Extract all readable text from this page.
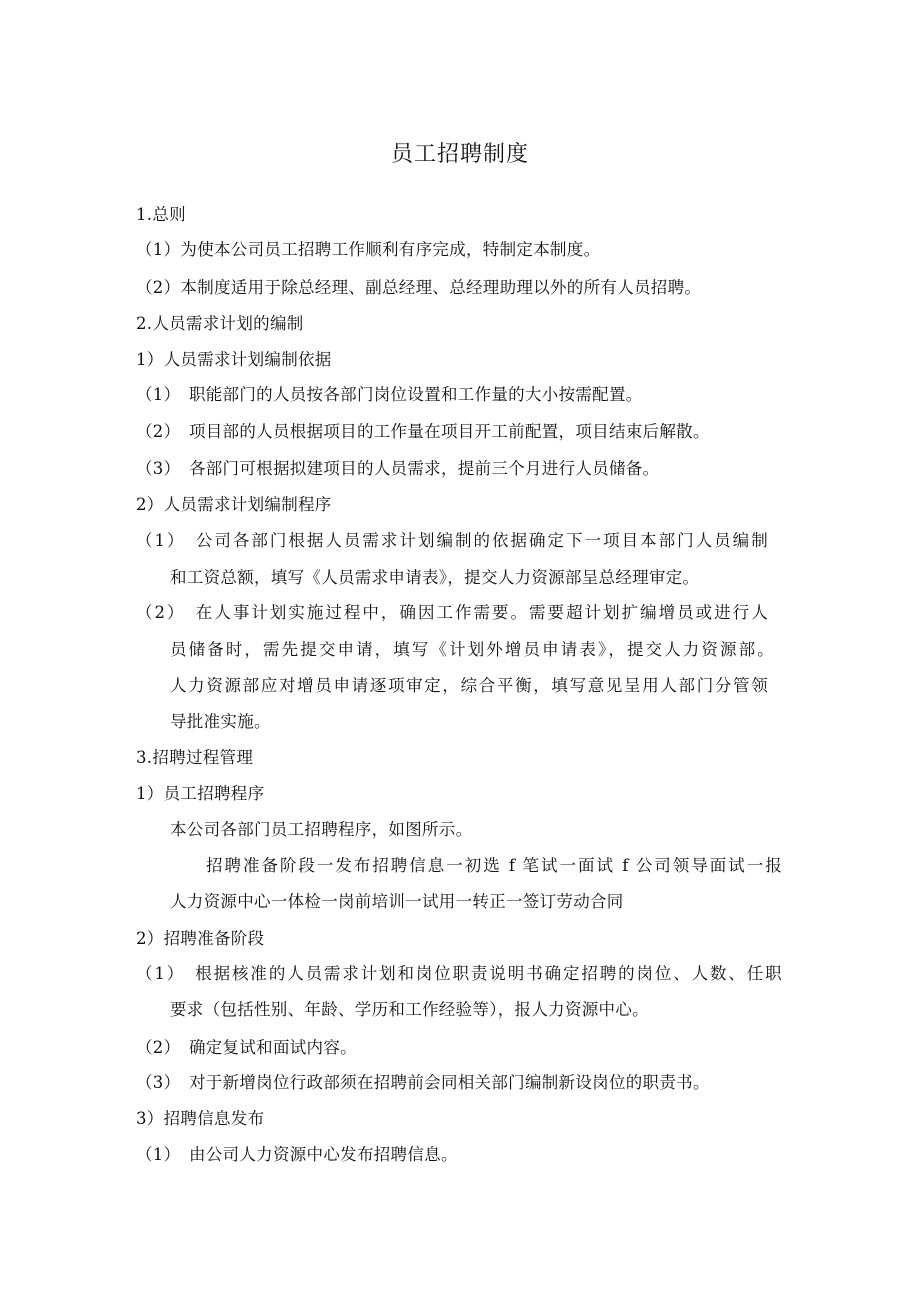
员工招聘制度
1.总则
（1）为使本公司员工招聘工作顺利有序完成，特制定本制度。
（2）本制度适用于除总经理、副总经理、总经理助理以外的所有人员招聘。
2.人员需求计划的编制
1）人员需求计划编制依据
（1）　职能部门的人员按各部门岗位设置和工作量的大小按需配置。
（2）　项目部的人员根据项目的工作量在项目开工前配置，项目结束后解散。
（3）　各部门可根据拟建项目的人员需求，提前三个月进行人员储备。
2）人员需求计划编制程序
（1）　公司各部门根据人员需求计划编制的依据确定下一项目本部门人员编制
和工资总额，填写《人员需求申请表》，提交人力资源部呈总经理审定。
（2）　在人事计划实施过程中，确因工作需要。需要超计划扩编增员或进行人
员储备时，需先提交申请，填写《计划外增员申请表》，提交人力资源部。
人力资源部应对增员申请逐项审定，综合平衡，填写意见呈用人部门分管领
导批准实施。
3.招聘过程管理
1）员工招聘程序
本公司各部门员工招聘程序，如图所示。
招聘准备阶段一发布招聘信息一初选 f 笔试一面试 f 公司领导面试一报
人力资源中心一体检一岗前培训一试用一转正一签订劳动合同
2）招聘准备阶段
（1）　根据核准的人员需求计划和岗位职责说明书确定招聘的岗位、人数、任职
要求（包括性别、年龄、学历和工作经验等），报人力资源中心。
（2）　确定复试和面试内容。
（3）　对于新增岗位行政部须在招聘前会同相关部门编制新设岗位的职责书。
3）招聘信息发布
（1）　由公司人力资源中心发布招聘信息。
